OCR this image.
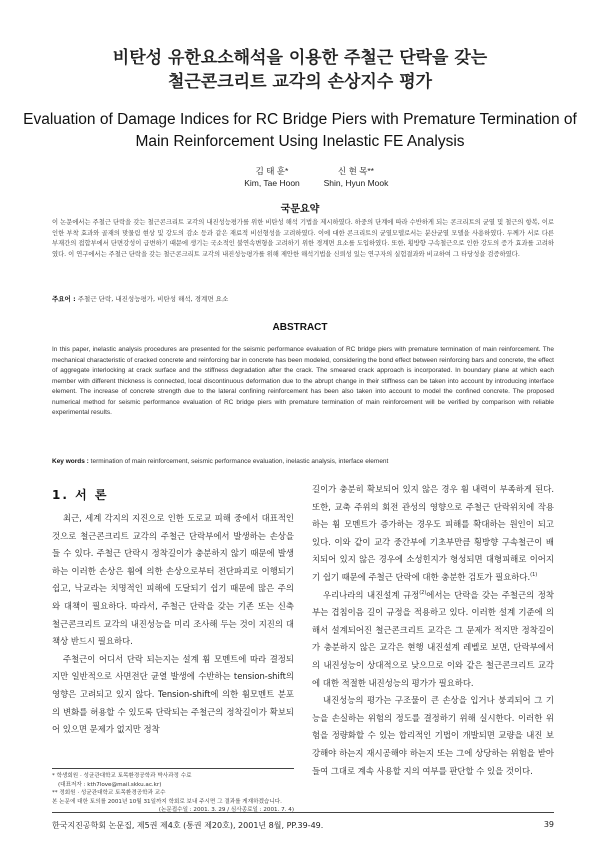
비탄성 유한요소해석을 이용한 주철근 단락을 갖는
철근콘크리트 교각의 손상지수 평가
Evaluation of Damage Indices for RC Bridge Piers with Premature Termination of
Main Reinforcement Using Inelastic FE Analysis
김 태 훈*
Kim, Tae Hoon
신 현 목**
Shin, Hyun Mook
국문요약

이 논문에서는 주철근 단락을 갖는 철근콘크리트 교각의 내진성능평가를 위한 비탄성 해석 기법을 제시하였다. 하중의 단계에 따라 수반하게 되는 콘크리트의 균열 및 철근의 항복, 이로 인한 부착 효과와 골재의 맞물림 현상 및 강도의 감소 등과 같은 재료적 비선형성을 고려하였다. 이에 대한 콘크리트의 균열모델로서는 분산균열 모델을 사용하였다. 두께가 서로 다른 부재간의 접합부에서 단면강성이 급변하기 때문에 생기는 국소적인 불연속변형을 고려하기 위한 경계면 요소를 도입하였다. 또한, 횡방향 구속철근으로 인한 강도의 증가 효과를 고려하였다. 이 연구에서는 주철근 단락을 갖는 철근콘크리트 교각의 내진성능평가를 위해 제안한 해석기법을 신뢰성 있는 연구자의 실험결과와 비교하여 그 타당성을 검증하였다.

주요어 : 주철근 단락, 내진성능평가, 비탄성 해석, 경계면 요소
ABSTRACT

In this paper, inelastic analysis procedures are presented for the seismic performance evaluation of RC bridge piers with premature termination of main reinforcement. The mechanical characteristic of cracked concrete and reinforcing bar in concrete has been modeled, considering the bond effect between reinforcing bars and concrete, the effect of aggregate interlocking at crack surface and the stiffness degradation after the crack. The smeared crack approach is incorporated. In boundary plane at which each member with different thickness is connected, local discontinuous deformation due to the abrupt change in their stiffness can be taken into account by introducing interface element. The increase of concrete strength due to the lateral confining reinforcement has been also taken into account to model the confined concrete. The proposed numerical method for seismic performance evaluation of RC bridge piers with premature termination of main reinforcement will be verified by comparison with reliable experimental results.

Key words : termination of main reinforcement, seismic performance evaluation, inelastic analysis, interface element
1. 서 론

최근, 세계 각지의 지진으로 인한 도로교 피해 중에서 대표적인 것으로 철근콘크리트 교각의 주철근 단락부에서 발생하는 손상을 들 수 있다. 주철근 단락시 정착길이가 충분하지 않기 때문에 발생하는 이러한 손상은 휨에 의한 손상으로부터 전단파괴로 이행되기 쉽고, 낙교라는 치명적인 피해에 도달되기 쉽기 때문에 많은 주의와 대책이 필요하다. 따라서, 주철근 단락을 갖는 기존 또는 신축 철근콘크리트 교각의 내진성능을 미리 조사해 두는 것이 지진의 대책상 반드시 필요하다.

주철근이 어디서 단락 되는지는 설계 휨 모멘트에 따라 결정되지만 일반적으로 사면전단 균열 발생에 수반하는 tension-shift의 영향은 고려되고 있지 않다. Tension-shift에 의한 휨모멘트 분포의 변화를 허용할 수 있도록 단락되는 주철근의 정착길이가 확보되어 있으면 문제가 없지만 정착

* 학생회원 · 성균관대학교 토목환경공학과 박사과정 수료
(대표저자 : kth7love@mail.skku.ac.kr)
** 정회원 · 성균관대학교 토목환경공학과 교수
본 논문에 대한 토의를 2001년 10월 31일까지 학회로 보내 주시면 그 결과를 게재하겠습니다.
(논문접수일 : 2001. 3. 29 / 심사종료일 : 2001. 7. 4)

길이가 충분히 확보되어 있지 않은 경우 휨 내력이 부족하게 된다. 또한, 교축 주위의 회전 관성의 영향으로 주철근 단락위치에 작용하는 휨 모멘트가 증가하는 경우도 피해를 확대하는 원인이 되고 있다. 이와 같이 교각 중간부에 기초부만큼 횡방향 구속철근이 배치되어 있지 않은 경우에 소성힌지가 형성되면 대형피해로 이어지기 쉽기 때문에 주철근 단락에 대한 충분한 검토가 필요하다.$^{(1)}$

우리나라의 내진설계 규정$^{(2)}$에서는 단락을 갖는 주철근의 정착부는 겹침이음 길이 규정을 적용하고 있다. 이러한 설계 기준에 의해서 설계되어진 철근콘크리트 교각은 그 문제가 적지만 정착길이가 충분하지 않은 교각은 현행 내진설계 레벨로 보면, 단락부에서의 내진성능이 상대적으로 낮으므로 이와 같은 철근콘크리트 교각에 대한 적절한 내진성능의 평가가 필요하다.

내진성능의 평가는 구조물이 큰 손상을 입거나 붕괴되어 그 기능을 손실하는 위험의 정도를 결정하기 위해 실시한다. 이러한 위험을 정량화할 수 있는 합리적인 기법이 개발되면 교량을 내진 보강해야 하는지 재시공해야 하는지 또는 그에 상당하는 위험을 받아 들여 그대로 계속 사용할 지의 여부를 판단할 수 있을 것이다.

한국지진공학회 논문집, 제5권 제4호 (통권 제20호), 2001년 8월, PP.39-49.	39
